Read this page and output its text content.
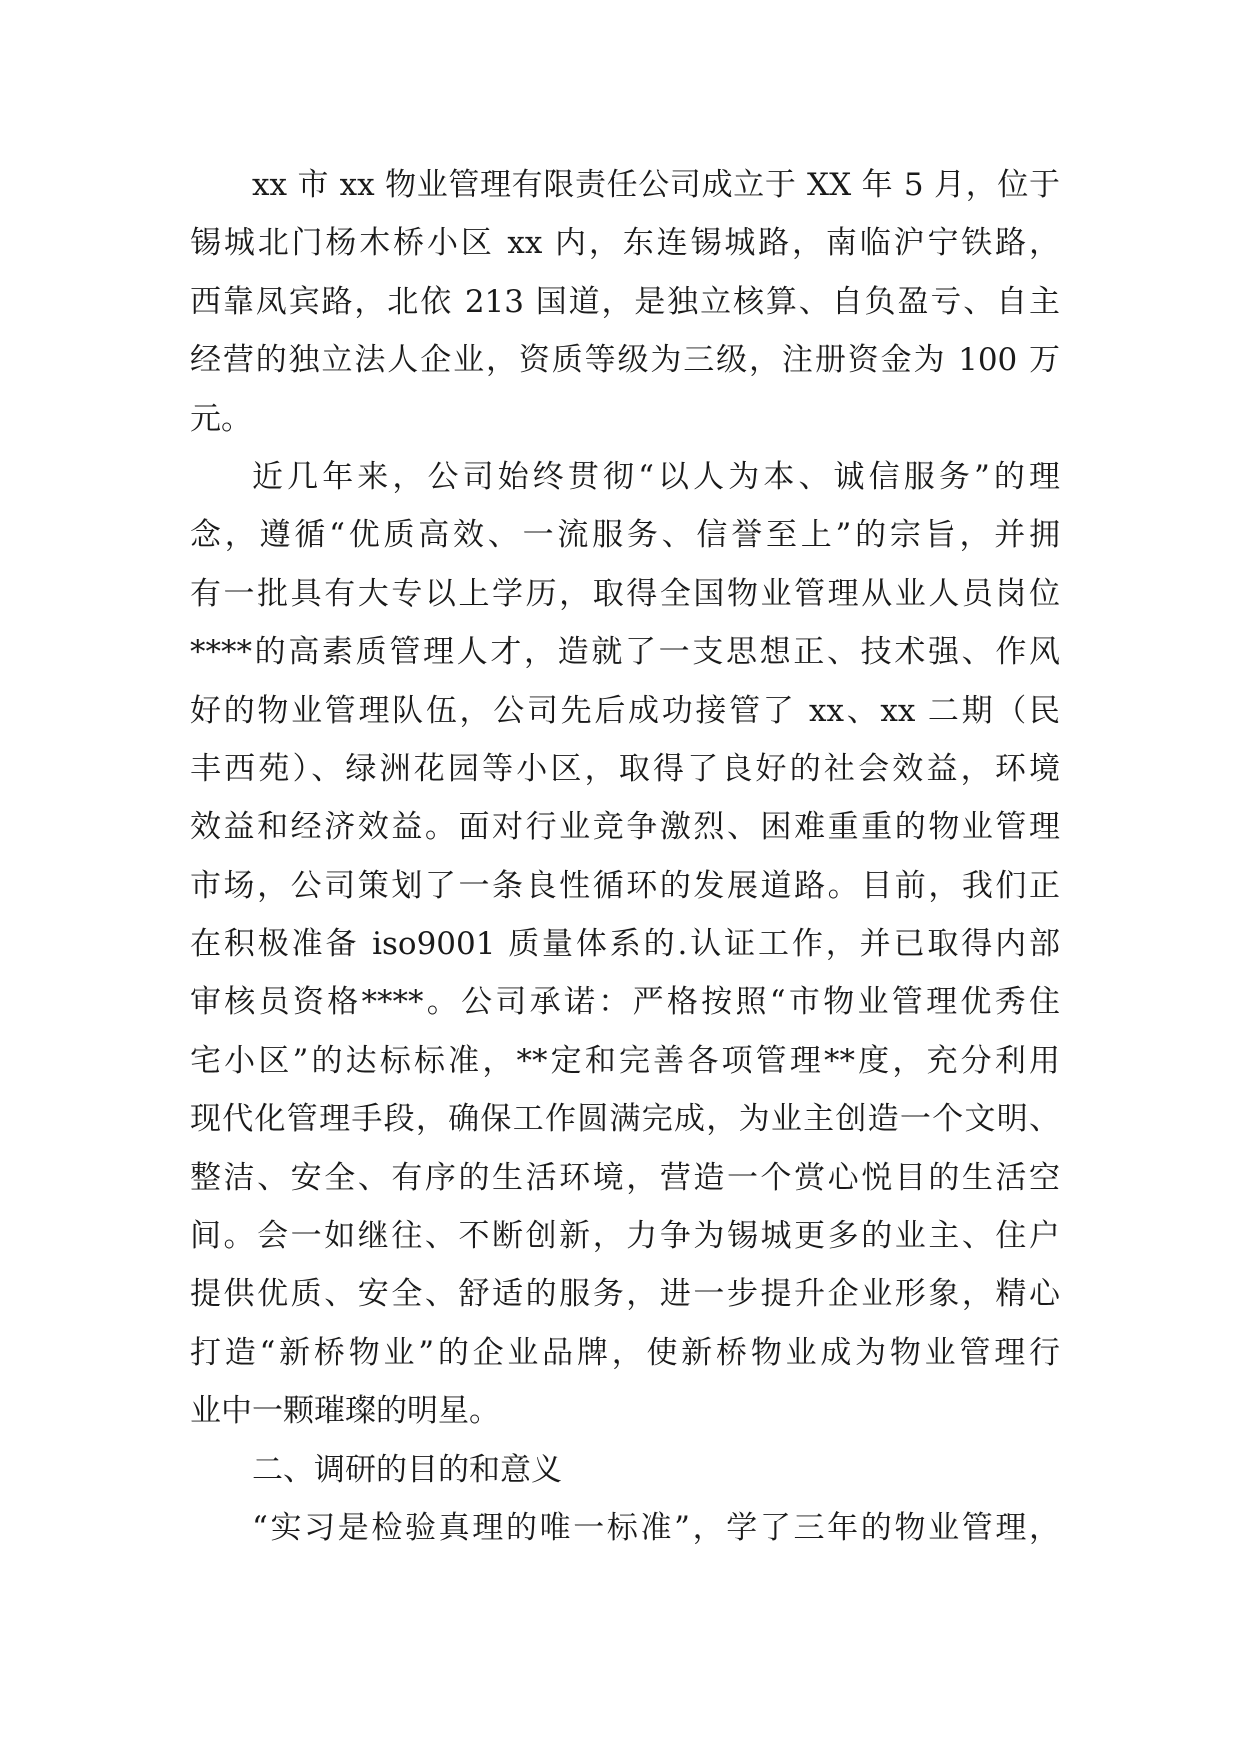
xx 市 xx 物业管理有限责任公司成立于 XX 年 5 月，位于

锡城北门杨木桥小区 xx 内，东连锡城路，南临沪宁铁路，

西靠凤宾路，北依 213 国道，是独立核算、自负盈亏、自主

经营的独立法人企业，资质等级为三级，注册资金为 100 万

元。

近几年来，公司始终贯彻“以人为本、诚信服务”的理

念，遵循“优质高效、一流服务、信誉至上”的宗旨，并拥

有一批具有大专以上学历，取得全国物业管理从业人员岗位

****的高素质管理人才，造就了一支思想正、技术强、作风

好的物业管理队伍，公司先后成功接管了 xx、xx 二期（民

丰西苑）、绿洲花园等小区，取得了良好的社会效益，环境

效益和经济效益。面对行业竞争激烈、困难重重的物业管理

市场，公司策划了一条良性循环的发展道路。目前，我们正

在积极准备 iso9001 质量体系的.认证工作，并已取得内部

审核员资格****。公司承诺：严格按照“市物业管理优秀住

宅小区”的达标标准，**定和完善各项管理**度，充分利用

现代化管理手段，确保工作圆满完成，为业主创造一个文明、

整洁、安全、有序的生活环境，营造一个赏心悦目的生活空

间。会一如继往、不断创新，力争为锡城更多的业主、住户

提供优质、安全、舒适的服务，进一步提升企业形象，精心

打造“新桥物业”的企业品牌，使新桥物业成为物业管理行

业中一颗璀璨的明星。

二、调研的目的和意义

“实习是检验真理的唯一标准”，学了三年的物业管理，
